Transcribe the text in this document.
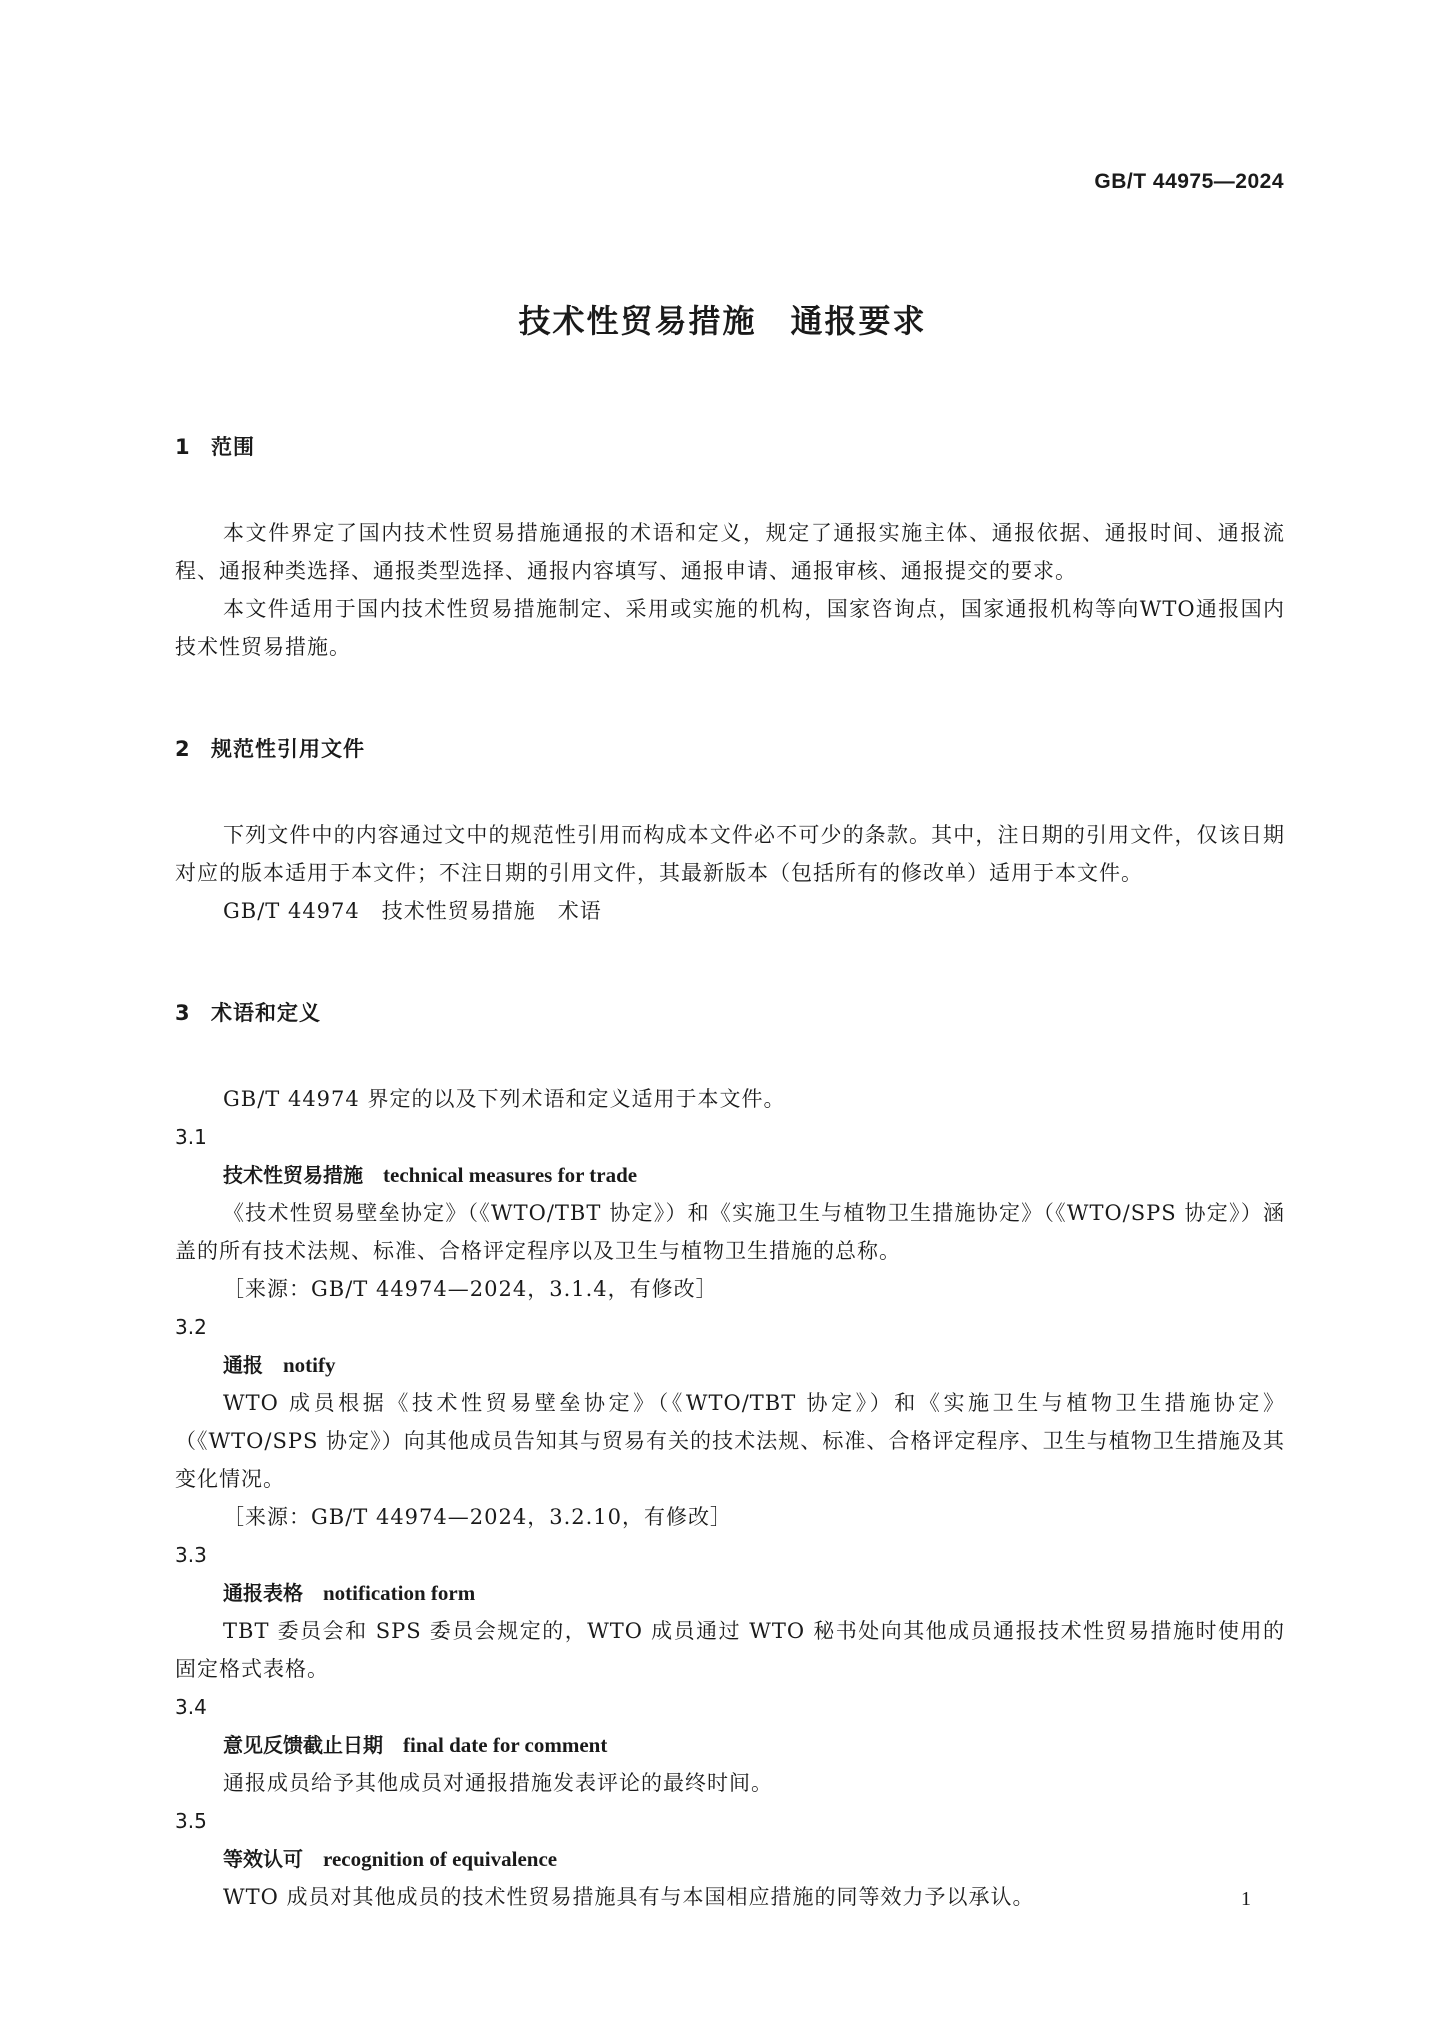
GB/T 44975—2024
技术性贸易措施　通报要求
1 范围

本文件界定了国内技术性贸易措施通报的术语和定义，规定了通报实施主体、通报依据、通报时间、通报流程、通报种类选择、通报类型选择、通报内容填写、通报申请、通报审核、通报提交的要求。

本文件适用于国内技术性贸易措施制定、采用或实施的机构，国家咨询点，国家通报机构等向WTO通报国内技术性贸易措施。

2 规范性引用文件

下列文件中的内容通过文中的规范性引用而构成本文件必不可少的条款。其中，注日期的引用文件，仅该日期对应的版本适用于本文件；不注日期的引用文件，其最新版本（包括所有的修改单）适用于本文件。

GB/T 44974　技术性贸易措施　术语

3 术语和定义

GB/T 44974 界定的以及下列术语和定义适用于本文件。

3.1
技术性贸易措施　 technical measures for trade

《技术性贸易壁垒协定》（《WTO/TBT 协定》）和《实施卫生与植物卫生措施协定》（《WTO/SPS 协定》）涵盖的所有技术法规、标准、合格评定程序以及卫生与植物卫生措施的总称。

［来源：GB/T 44974—2024，3.1.4，有修改］

3.2
通报　 notify

WTO 成员根据《技术性贸易壁垒协定》（《WTO/TBT 协定》）和《实施卫生与植物卫生措施协定》（《WTO/SPS 协定》）向其他成员告知其与贸易有关的技术法规、标准、合格评定程序、卫生与植物卫生措施及其变化情况。

［来源：GB/T 44974—2024，3.2.10，有修改］

3.3
通报表格　 notification form

TBT 委员会和 SPS 委员会规定的，WTO 成员通过 WTO 秘书处向其他成员通报技术性贸易措施时使用的固定格式表格。

3.4
意见反馈截止日期　 final date for comment

通报成员给予其他成员对通报措施发表评论的最终时间。

3.5
等效认可　 recognition of equivalence

WTO 成员对其他成员的技术性贸易措施具有与本国相应措施的同等效力予以承认。	1
